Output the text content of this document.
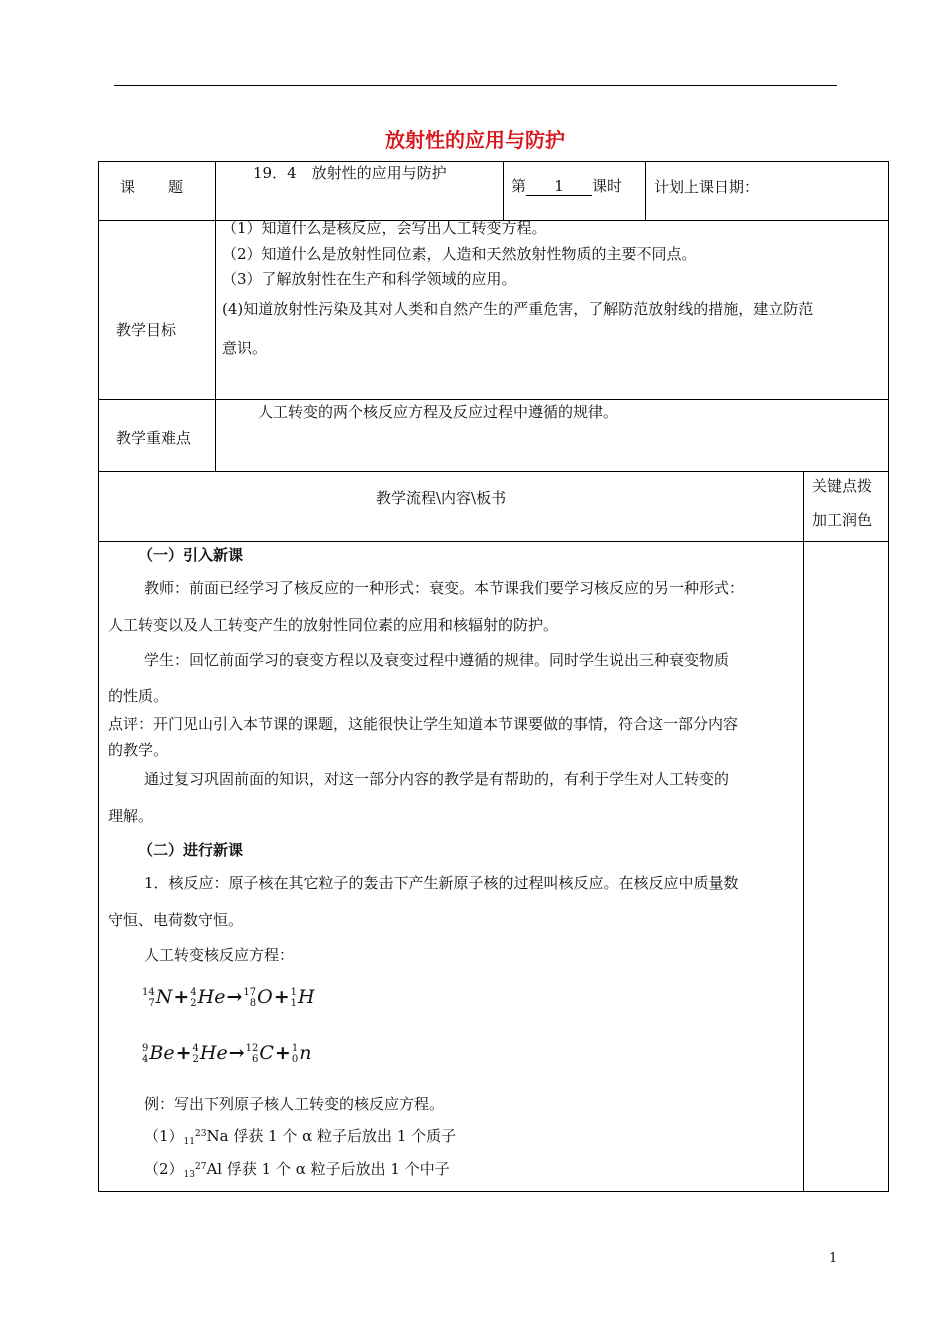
放射性的应用与防护
课　　题
19．4　放射性的应用与防护
第 1 课时 计划上课日期：
教学目标
（1）知道什么是核反应，会写出人工转变方程。
（2）知道什么是放射性同位素，人造和天然放射性物质的主要不同点。
（3）了解放射性在生产和科学领域的应用。
(4)知道放射性污染及其对人类和自然产生的严重危害，了解防范放射线的措施，建立防范
意识。
教学重难点
人工转变的两个核反应方程及反应过程中遵循的规律。
教学流程\内容\板书
关键点拨
加工润色
（一）引入新课
教师：前面已经学习了核反应的一种形式：衰变。本节课我们要学习核反应的另一种形式：
人工转变以及人工转变产生的放射性同位素的应用和核辐射的防护。
学生：回忆前面学习的衰变方程以及衰变过程中遵循的规律。同时学生说出三种衰变物质
的性质。
点评：开门见山引入本节课的课题，这能很快让学生知道本节课要做的事情，符合这一部分内容
的教学。
通过复习巩固前面的知识，对这一部分内容的教学是有帮助的，有利于学生对人工转变的
理解。
（二）进行新课
1．核反应：原子核在其它粒子的轰击下产生新原子核的过程叫核反应。在核反应中质量数
守恒、电荷数守恒。
人工转变核反应方程：
14
7 N+ 4
2 He→ 17
8 O+ 1
1 H
9
4 Be+ 4
2 He→ 12
6 C+ 1
0 n
例：写出下列原子核人工转变的核反应方程。
$(1)_{11}^{23}Na$ 俘获 1 个 α 粒子后放出 1 个质子
$(2)_{13}^{27}Al$ 俘获 1 个 α 粒子后放出 1 个中子
1
